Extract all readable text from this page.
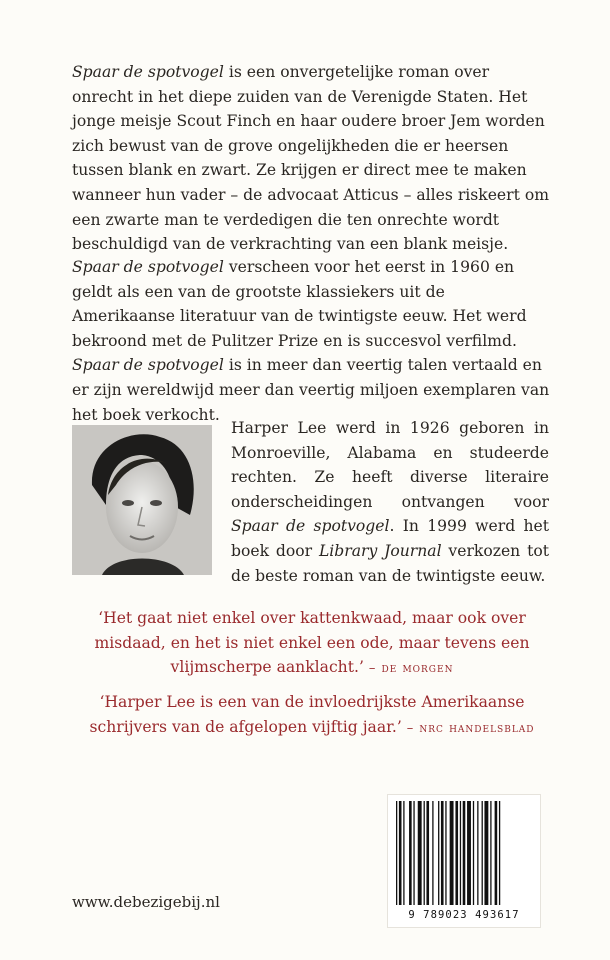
Spaar de spotvogel is een onvergetelijke roman over onrecht in het diepe zuiden van de Verenigde Staten. Het jonge meisje Scout Finch en haar oudere broer Jem worden zich bewust van de grove ongelijkheden die er heersen tussen blank en zwart. Ze krijgen er direct mee te maken wanneer hun vader – de advocaat Atticus – alles riskeert om een zwarte man te verdedigen die ten onrechte wordt beschuldigd van de verkrachting van een blank meisje.

Spaar de spotvogel verscheen voor het eerst in 1960 en geldt als een van de grootste klassiekers uit de Amerikaanse literatuur van de twintigste eeuw. Het werd bekroond met de Pulitzer Prize en is succesvol verfilmd. Spaar de spotvogel is in meer dan veertig talen vertaald en er zijn wereldwijd meer dan veertig miljoen exemplaren van het boek verkocht.

Harper Lee werd in 1926 geboren in Monroeville, Alabama en studeerde rechten. Ze heeft diverse literaire onderscheidingen ontvangen voor Spaar de spotvogel. In 1999 werd het boek door Library Journal verkozen tot de beste roman van de twintigste eeuw.

‘Het gaat niet enkel over kattenkwaad, maar ook over misdaad, en het is niet enkel een ode, maar tevens een vlijmscherpe aanklacht.’ – de morgen

‘Harper Lee is een van de invloedrijkste Amerikaanse schrijvers van de afgelopen vijftig jaar.’ – nrc handelsblad

www.debezigebij.nl
9 789023 493617
